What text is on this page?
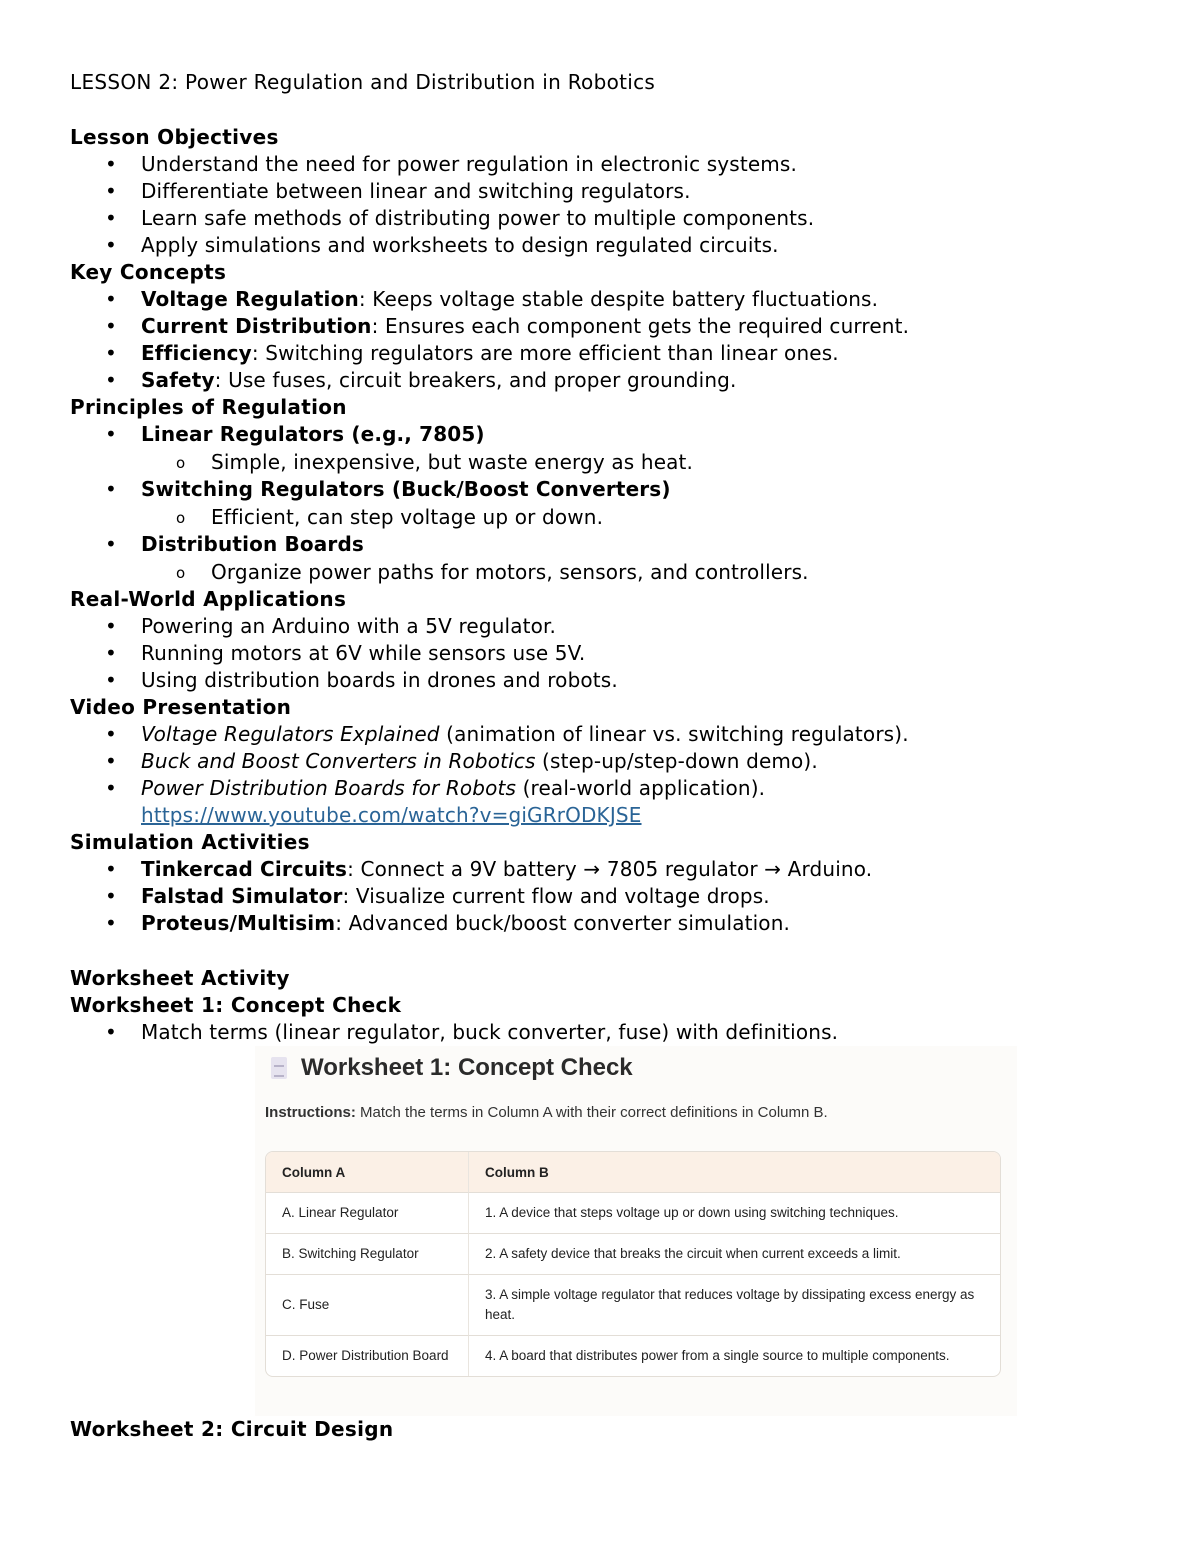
LESSON 2: Power Regulation and Distribution in Robotics
Lesson Objectives
• Understand the need for power regulation in electronic systems.
• Differentiate between linear and switching regulators.
• Learn safe methods of distributing power to multiple components.
• Apply simulations and worksheets to design regulated circuits.
Key Concepts
• Voltage Regulation: Keeps voltage stable despite battery fluctuations.
• Current Distribution: Ensures each component gets the required current.
• Efficiency: Switching regulators are more efficient than linear ones.
• Safety: Use fuses, circuit breakers, and proper grounding.
Principles of Regulation
• Linear Regulators (e.g., 7805)
o Simple, inexpensive, but waste energy as heat.
• Switching Regulators (Buck/Boost Converters)
o Efficient, can step voltage up or down.
• Distribution Boards
o Organize power paths for motors, sensors, and controllers.
Real-World Applications
• Powering an Arduino with a 5V regulator.
• Running motors at 6V while sensors use 5V.
• Using distribution boards in drones and robots.
Video Presentation
• Voltage Regulators Explained (animation of linear vs. switching regulators).
• Buck and Boost Converters in Robotics (step-up/step-down demo).
• Power Distribution Boards for Robots (real-world application).
https://www.youtube.com/watch?v=giGRrODKJSE
Simulation Activities
• Tinkercad Circuits: Connect a 9V battery → 7805 regulator → Arduino.
• Falstad Simulator: Visualize current flow and voltage drops.
• Proteus/Multisim: Advanced buck/boost converter simulation.
Worksheet Activity
Worksheet 1: Concept Check
• Match terms (linear regulator, buck converter, fuse) with definitions.
Worksheet 1: Concept Check
Instructions: Match the terms in Column A with their correct definitions in Column B.
Column A	Column B
A. Linear Regulator	1. A device that steps voltage up or down using switching techniques.
B. Switching Regulator	2. A safety device that breaks the circuit when current exceeds a limit.
C. Fuse	3. A simple voltage regulator that reduces voltage by dissipating excess energy as heat.
D. Power Distribution Board	4. A board that distributes power from a single source to multiple components.
Worksheet 2: Circuit Design
